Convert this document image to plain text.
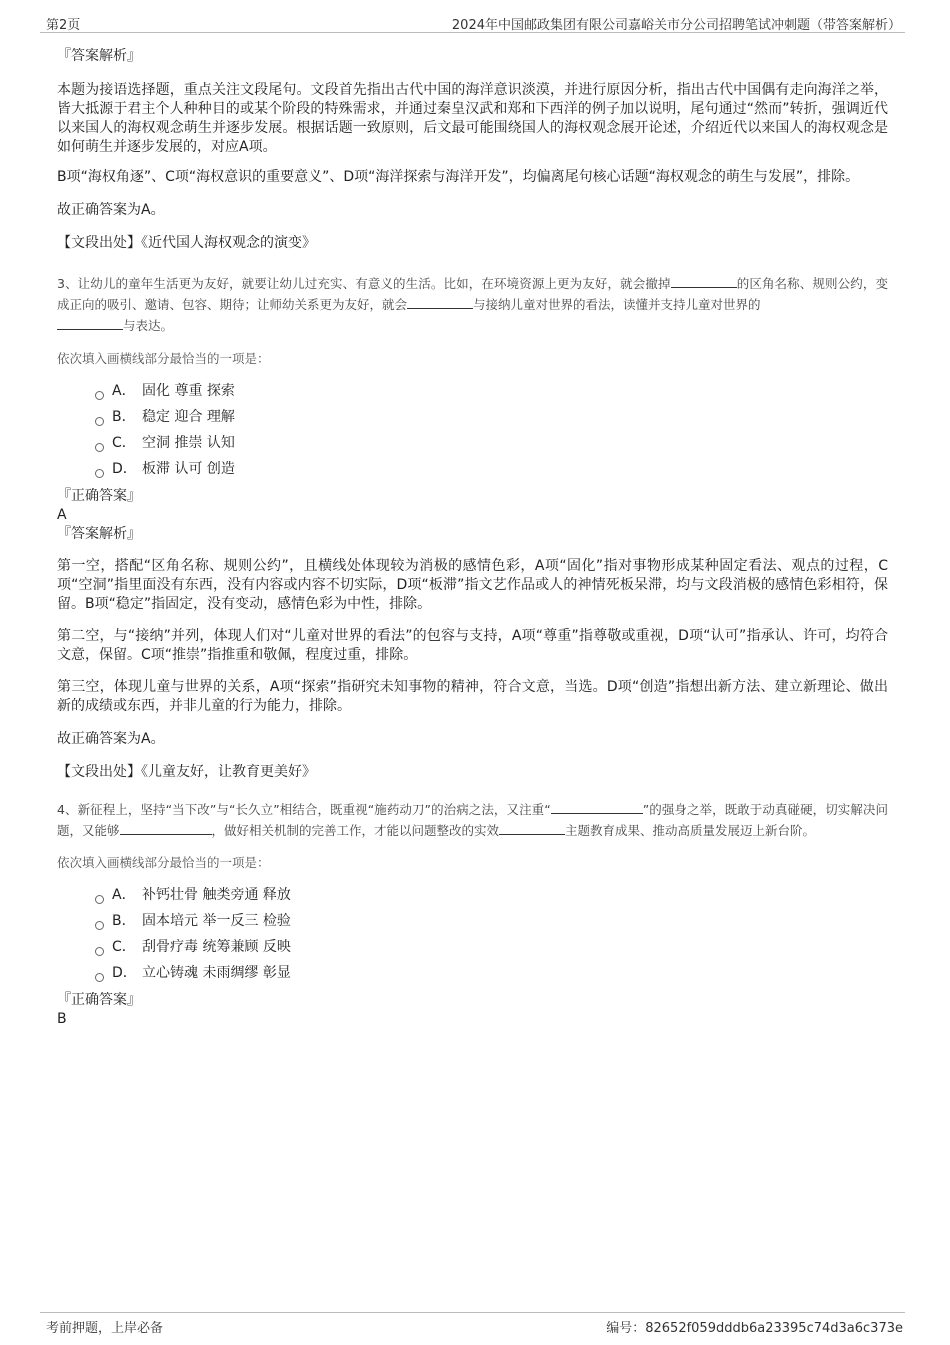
第2页	2024年中国邮政集团有限公司嘉峪关市分公司招聘笔试冲刺题（带答案解析）

『答案解析』

本题为接语选择题，重点关注文段尾句。文段首先指出古代中国的海洋意识淡漠，并进行原因分析，指出古代中国偶有走向海洋之举，皆大抵源于君主个人种种目的或某个阶段的特殊需求，并通过秦皇汉武和郑和下西洋的例子加以说明，尾句通过“然而”转折，强调近代以来国人的海权观念萌生并逐步发展。根据话题一致原则，后文最可能围绕国人的海权观念展开论述，介绍近代以来国人的海权观念是如何萌生并逐步发展的，对应A项。

B项“海权角逐”、C项“海权意识的重要意义”、D项“海洋探索与海洋开发”，均偏离尾句核心话题“海权观念的萌生与发展”，排除。

故正确答案为A。

【文段出处】《近代国人海权观念的演变》

3、让幼儿的童年生活更为友好，就要让幼儿过充实、有意义的生活。比如，在环境资源上更为友好，就会撤掉	的区角名称、规则公约，变成正向的吸引、邀请、包容、期待；让师幼关系更为友好，就会	与接纳儿童对世界的看法，读懂并支持儿童对世界的
与表达。

依次填入画横线部分最恰当的一项是：

A． 固化 尊重 探索
B． 稳定 迎合 理解
C． 空洞 推崇 认知
D． 板滞 认可 创造

『正确答案』

A

『答案解析』

第一空，搭配“区角名称、规则公约”，且横线处体现较为消极的感情色彩，A项“固化”指对事物形成某种固定看法、观点的过程，C项“空洞”指里面没有东西，没有内容或内容不切实际，D项“板滞”指文艺作品或人的神情死板呆滞，均与文段消极的感情色彩相符，保留。B项“稳定”指固定，没有变动，感情色彩为中性，排除。

第二空，与“接纳”并列，体现人们对“儿童对世界的看法”的包容与支持，A项“尊重”指尊敬或重视，D项“认可”指承认、许可，均符合文意，保留。C项“推崇”指推重和敬佩，程度过重，排除。

第三空，体现儿童与世界的关系，A项“探索”指研究未知事物的精神，符合文意，当选。D项“创造”指想出新方法、建立新理论、做出新的成绩或东西，并非儿童的行为能力，排除。

故正确答案为A。

【文段出处】《儿童友好，让教育更美好》

4、新征程上，坚持“当下改”与“长久立”相结合，既重视“施药动刀”的治病之法，又注重“	”的强身之举，既敢于动真碰硬，切实解决问题，又能够	，做好相关机制的完善工作，才能以问题整改的实效	主题教育成果、推动高质量发展迈上新台阶。

依次填入画横线部分最恰当的一项是：

A． 补钙壮骨 触类旁通 释放
B． 固本培元 举一反三 检验
C． 刮骨疗毒 统筹兼顾 反映
D． 立心铸魂 未雨绸缪 彰显

『正确答案』

B

考前押题，上岸必备	编号：82652f059dddb6a23395c74d3a6c373e
